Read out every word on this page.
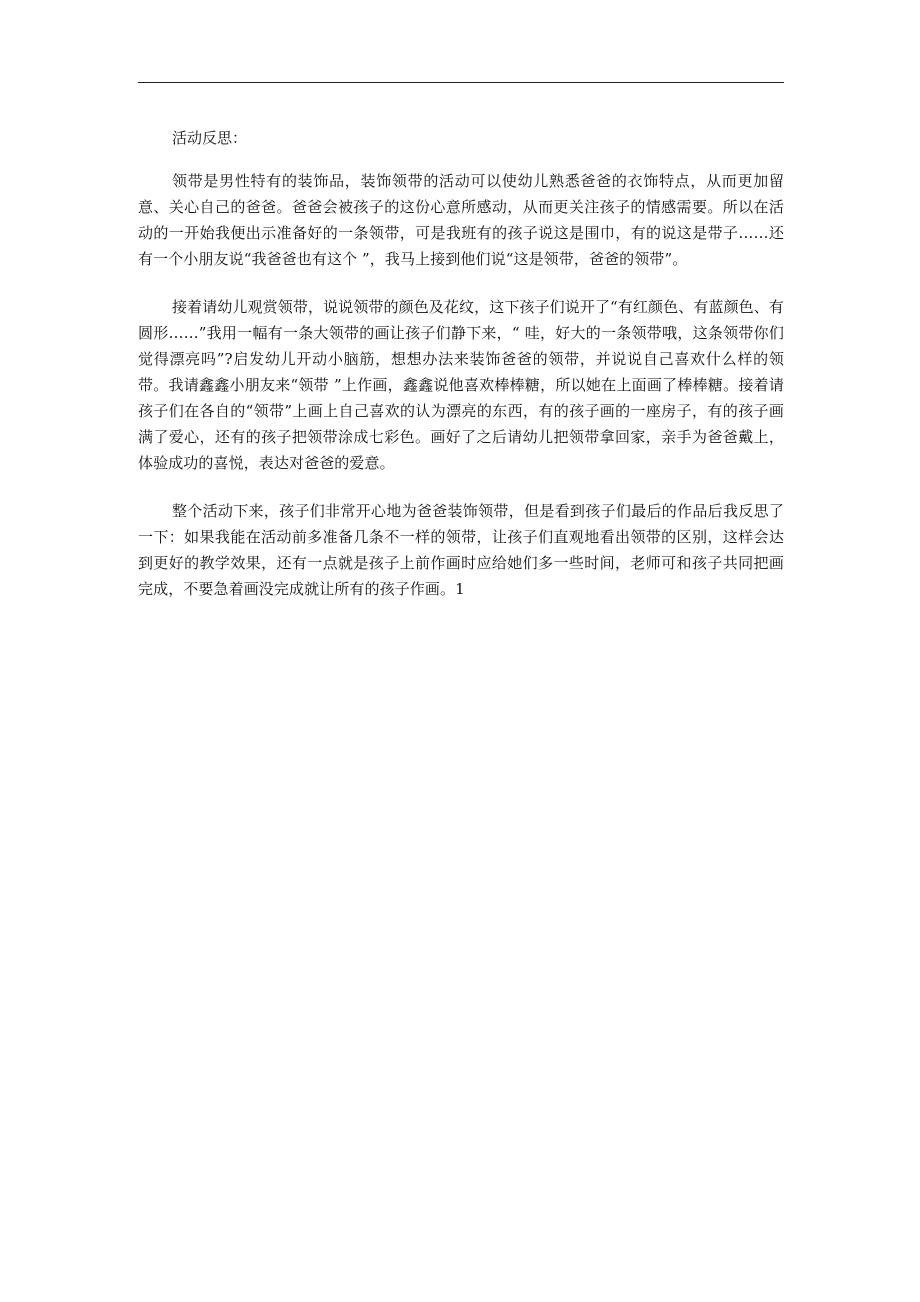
活动反思：

领带是男性特有的装饰品，装饰领带的活动可以使幼儿熟悉爸爸的衣饰特点，从而更加留意、关心自己的爸爸。爸爸会被孩子的这份心意所感动，从而更关注孩子的情感需要。所以在活动的一开始我便出示准备好的一条领带，可是我班有的孩子说这是围巾，有的说这是带子……还有一个小朋友说“我爸爸也有这个 ”，我马上接到他们说“这是领带，爸爸的领带”。

接着请幼儿观赏领带，说说领带的颜色及花纹，这下孩子们说开了“有红颜色、有蓝颜色、有圆形……”我用一幅有一条大领带的画让孩子们静下来，“ 哇，好大的一条领带哦，这条领带你们觉得漂亮吗”?启发幼儿开动小脑筋，想想办法来装饰爸爸的领带，并说说自己喜欢什么样的领带。我请鑫鑫小朋友来“领带 ”上作画，鑫鑫说他喜欢棒棒糖，所以她在上面画了棒棒糖。接着请孩子们在各自的“领带”上画上自己喜欢的认为漂亮的东西，有的孩子画的一座房子，有的孩子画满了爱心，还有的孩子把领带涂成七彩色。画好了之后请幼儿把领带拿回家，亲手为爸爸戴上，体验成功的喜悦，表达对爸爸的爱意。

整个活动下来，孩子们非常开心地为爸爸装饰领带，但是看到孩子们最后的作品后我反思了一下：如果我能在活动前多准备几条不一样的领带，让孩子们直观地看出领带的区别，这样会达到更好的教学效果，还有一点就是孩子上前作画时应给她们多一些时间，老师可和孩子共同把画完成，不要急着画没完成就让所有的孩子作画。1
